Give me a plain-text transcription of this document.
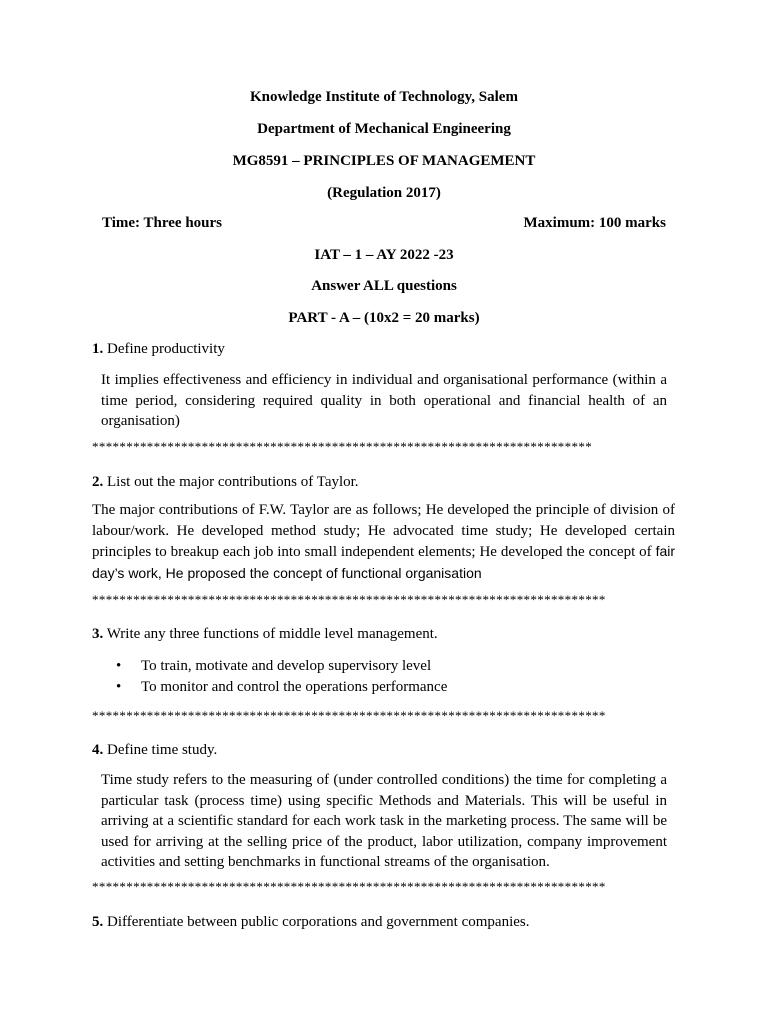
Knowledge Institute of Technology, Salem
Department of Mechanical Engineering
MG8591 – PRINCIPLES OF MANAGEMENT
(Regulation 2017)
Time: Three hours	Maximum: 100 marks
IAT – 1 – AY 2022 -23
Answer ALL questions
PART - A – (10x2 = 20 marks)
1. Define productivity
It implies effectiveness and efficiency in individual and organisational performance (within a time period, considering required quality in both operational and financial health of an organisation)
*************************************************************************
2. List out the major contributions of Taylor.
The major contributions of F.W. Taylor are as follows; He developed the principle of division of labour/work. He developed method study; He advocated time study; He developed certain principles to breakup each job into small independent elements; He developed the concept of fair day’s work, He proposed the concept of functional organisation
***************************************************************************
3. Write any three functions of middle level management.
• To train, motivate and develop supervisory level
• To monitor and control the operations performance
***************************************************************************
4. Define time study.
Time study refers to the measuring of (under controlled conditions) the time for completing a particular task (process time) using specific Methods and Materials. This will be useful in arriving at a scientific standard for each work task in the marketing process. The same will be used for arriving at the selling price of the product, labor utilization, company improvement activities and setting benchmarks in functional streams of the organisation.
***************************************************************************
5. Differentiate between public corporations and government companies.
